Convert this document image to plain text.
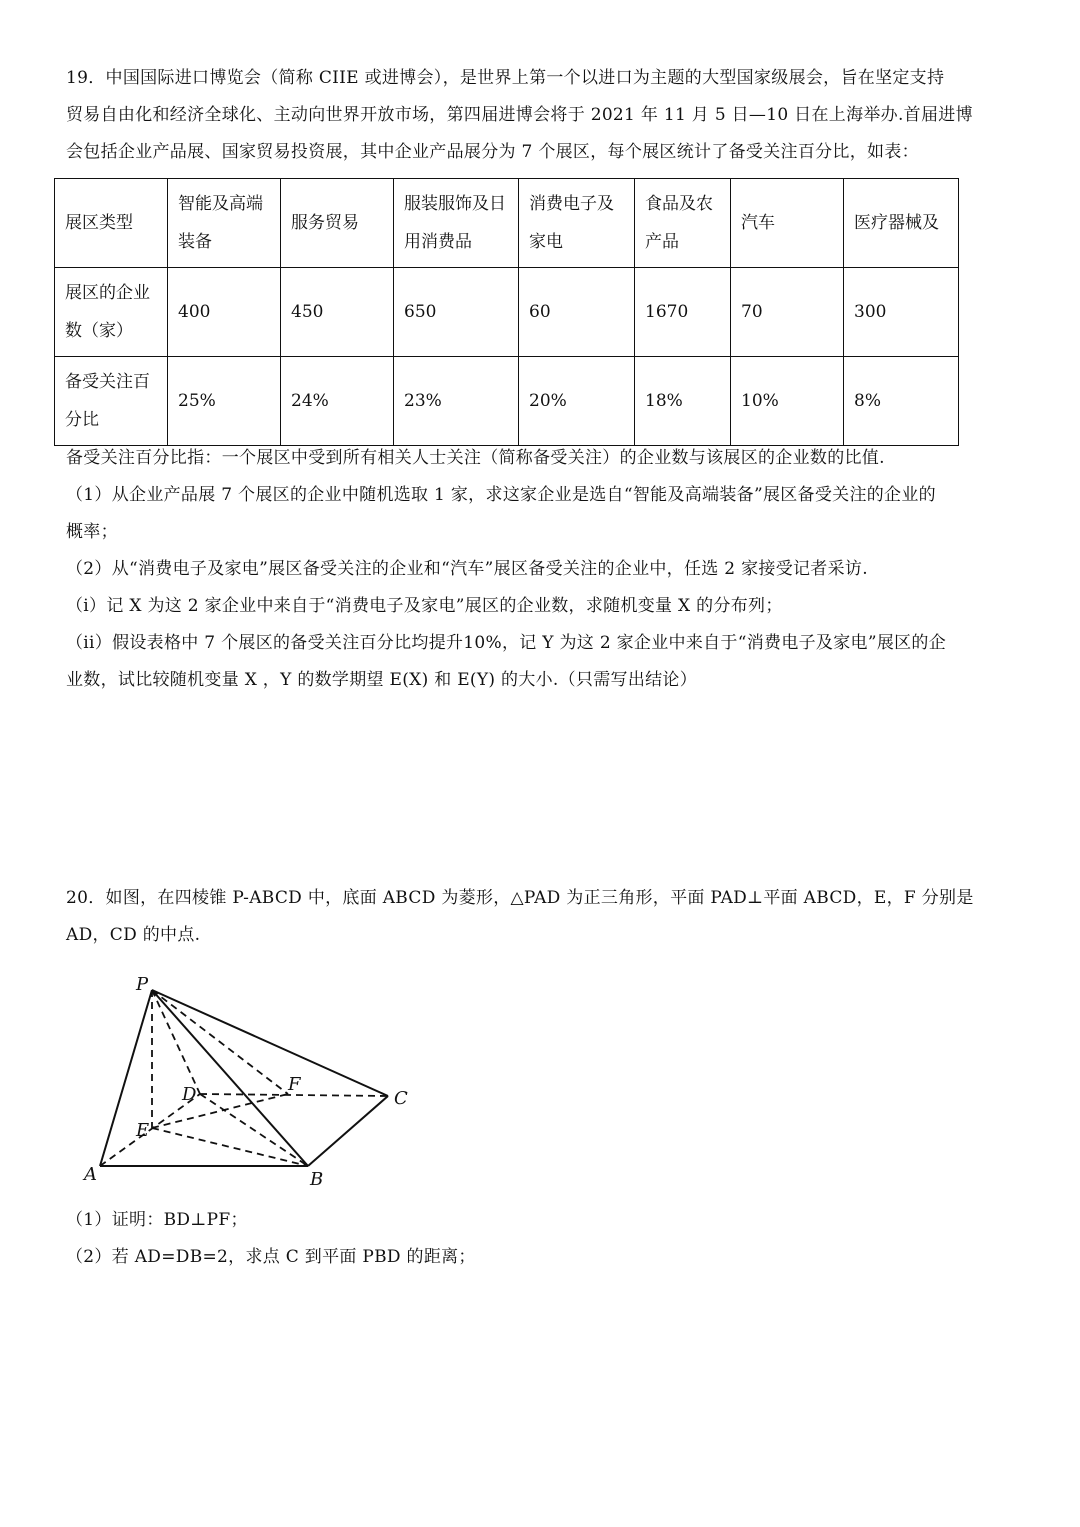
19．中国国际进口博览会（简称 CIIE 或进博会），是世界上第一个以进口为主题的大型国家级展会，旨在坚定支持
贸易自由化和经济全球化、主动向世界开放市场，第四届进博会将于 2021 年 11 月 5 日—10 日在上海举办.首届进博
会包括企业产品展、国家贸易投资展，其中企业产品展分为 7 个展区，每个展区统计了备受关注百分比，如表：
展区类型	智能及高端装备	服务贸易	服装服饰及日用消费品	消费电子及家电	食品及农产品	汽车	医疗器械及
展区的企业数（家）	400	450	650	60	1670	70	300
备受关注百分比	25%	24%	23%	20%	18%	10%	8%
备受关注百分比指：一个展区中受到所有相关人士关注（简称备受关注）的企业数与该展区的企业数的比值.
（1）从企业产品展 7 个展区的企业中随机选取 1 家，求这家企业是选自“智能及高端装备”展区备受关注的企业的
概率；
（2）从“消费电子及家电”展区备受关注的企业和“汽车”展区备受关注的企业中，任选 2 家接受记者采访.
（i）记 X 为这 2 家企业中来自于“消费电子及家电”展区的企业数，求随机变量 X 的分布列；
（ii）假设表格中 7 个展区的备受关注百分比均提升10%，记 Y 为这 2 家企业中来自于“消费电子及家电”展区的企
业数，试比较随机变量 X ，Y 的数学期望 E(X) 和 E(Y) 的大小.（只需写出结论）
20．如图，在四棱锥 P-ABCD 中，底面 ABCD 为菱形，△PAD 为正三角形，平面 PAD⊥平面 ABCD，E，F 分别是
AD，CD 的中点.
P
A	B
C
D
E
F
（1）证明：BD⊥PF；
（2）若 AD=DB=2，求点 C 到平面 PBD 的距离；
